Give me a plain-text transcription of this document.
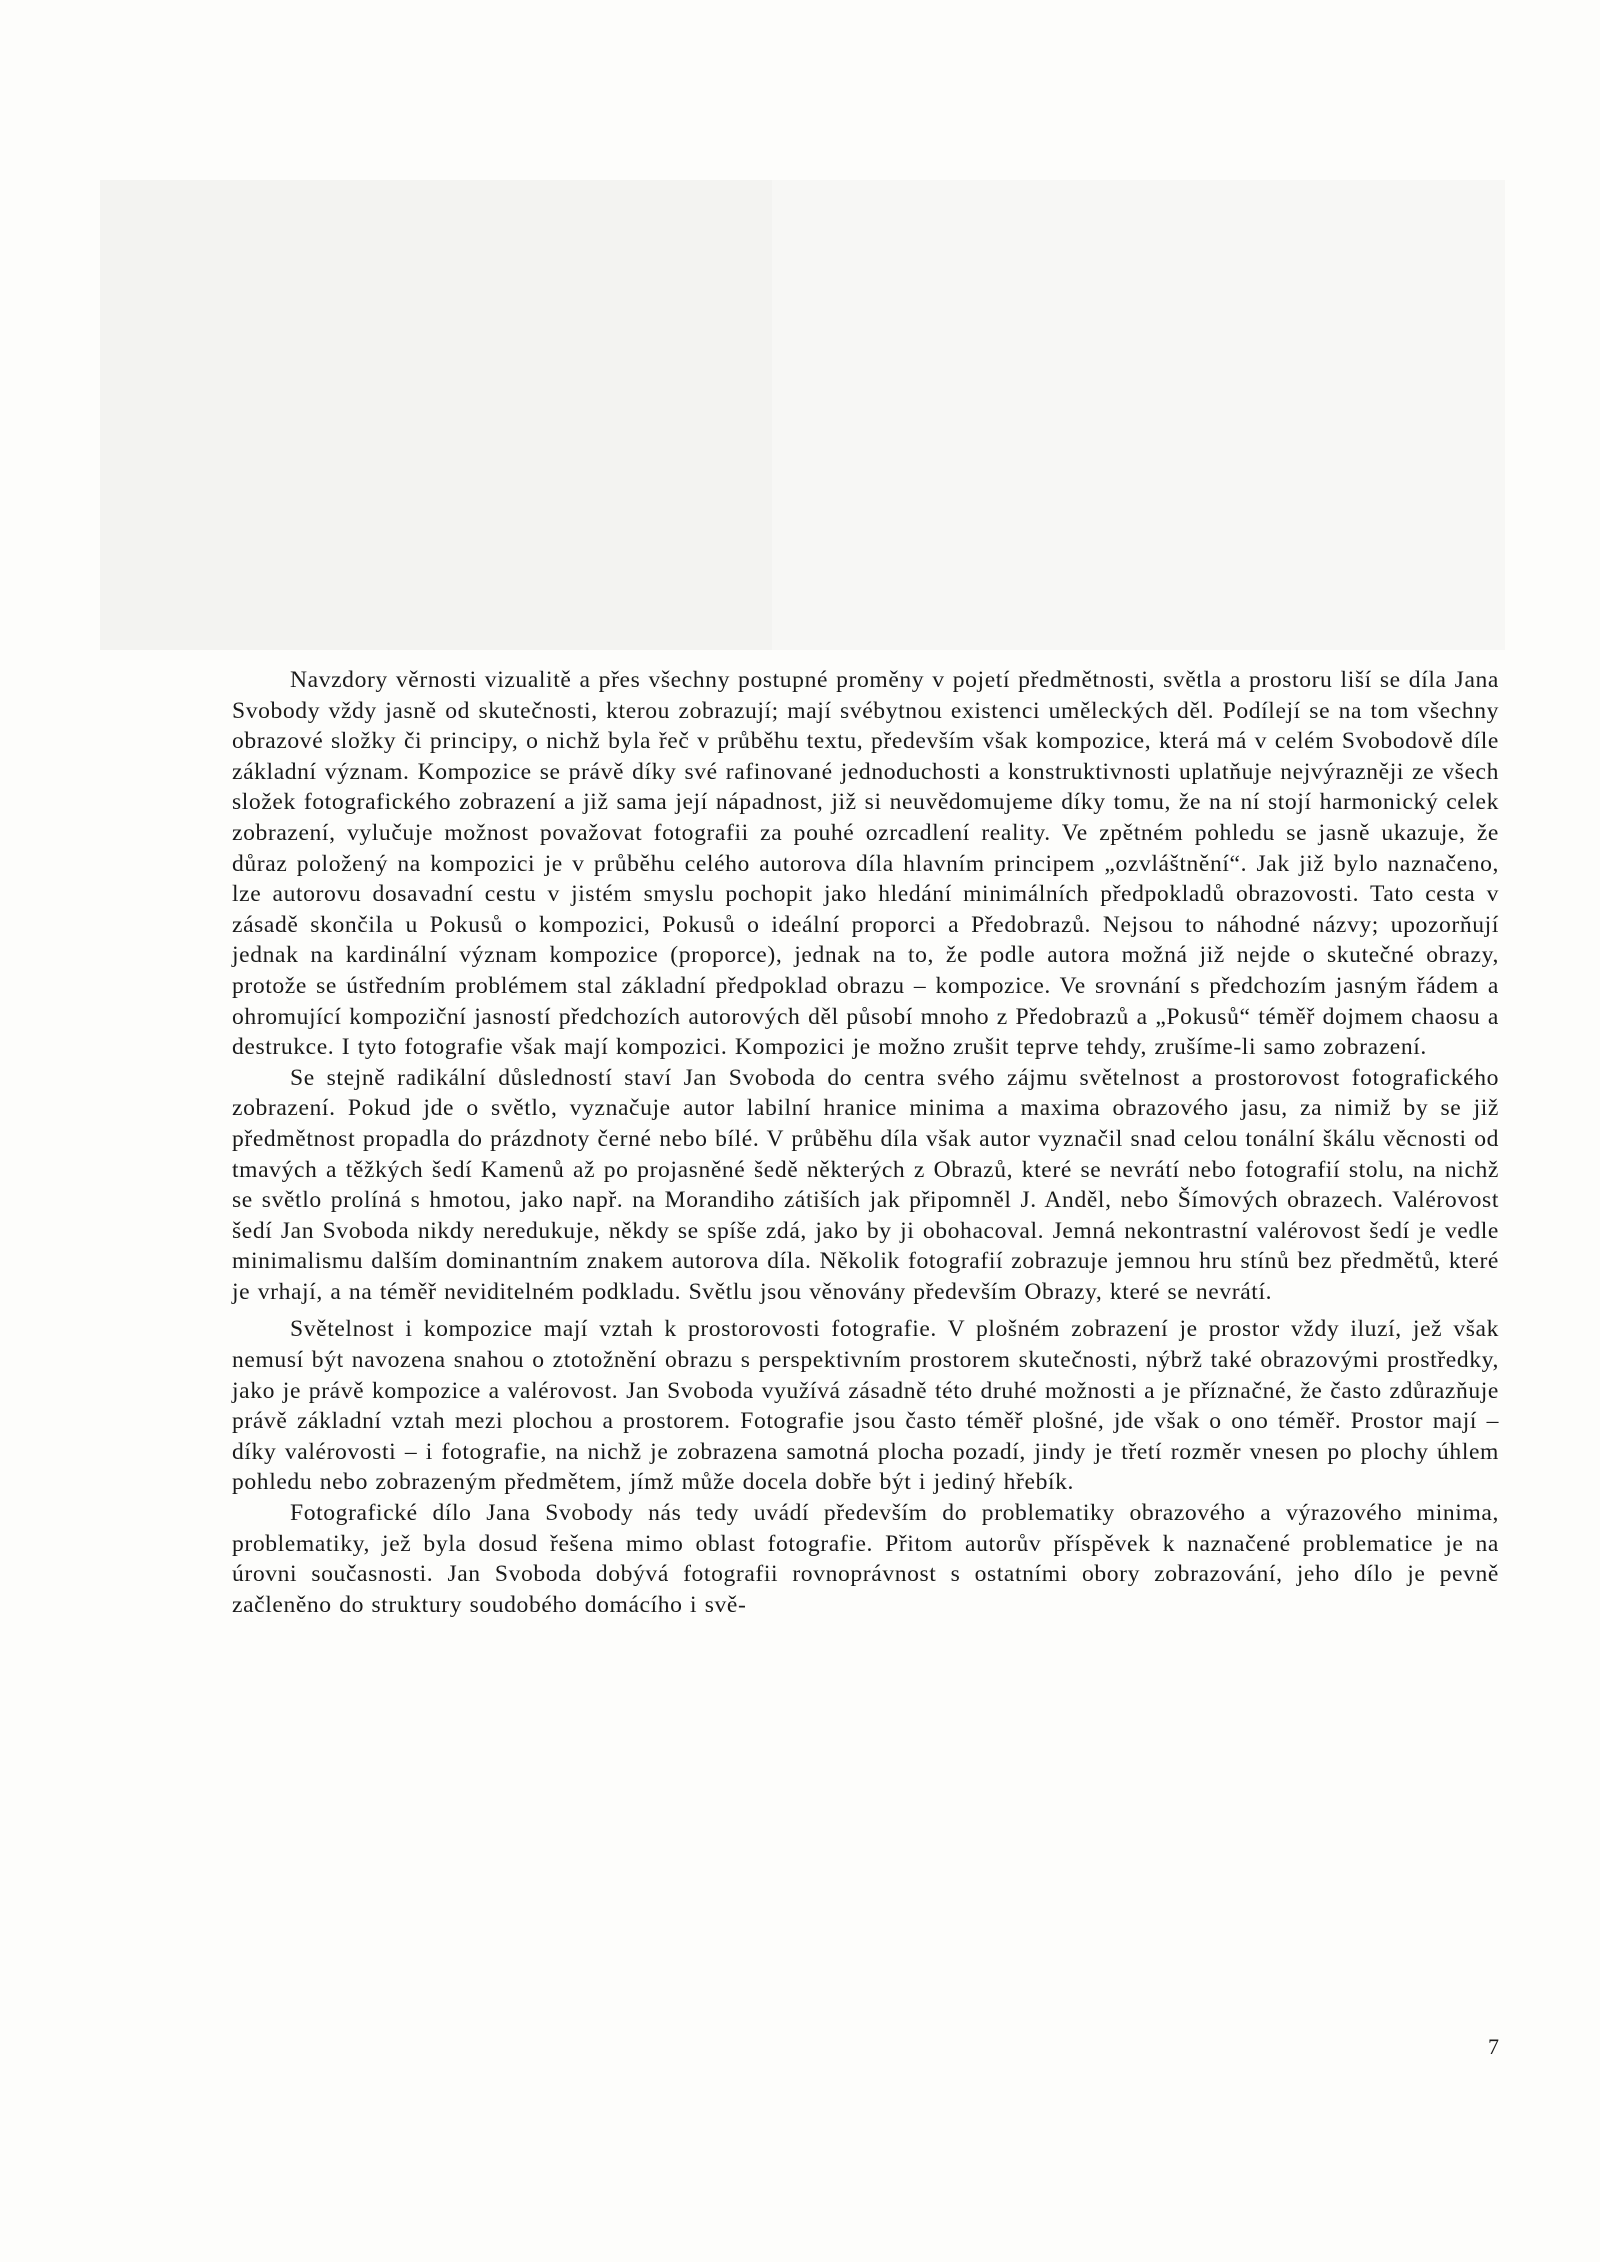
Navzdory věrnosti vizualitě a přes všechny postupné proměny v pojetí předmětnosti, světla a prostoru liší se díla Jana Svobody vždy jasně od skutečnosti, kterou zobrazují; mají svébytnou existenci uměleckých děl. Podílejí se na tom všechny obrazové složky či principy, o nichž byla řeč v průběhu textu, především však kompozice, která má v celém Svobodově díle základní význam. Kompozice se právě díky své rafinované jednoduchosti a konstruktivnosti uplatňuje nejvýrazněji ze všech složek fotografického zobrazení a již sama její nápadnost, již si neuvědomujeme díky tomu, že na ní stojí harmonický celek zobrazení, vylučuje možnost považovat fotografii za pouhé ozrcadlení reality. Ve zpětném pohledu se jasně ukazuje, že důraz položený na kompozici je v průběhu celého autorova díla hlavním principem „ozvláštnění“. Jak již bylo naznačeno, lze autorovu dosavadní cestu v jistém smyslu pochopit jako hledání minimálních předpokladů obrazovosti. Tato cesta v zásadě skončila u Pokusů o kompozici, Pokusů o ideální proporci a Předobrazů. Nejsou to náhodné názvy; upozorňují jednak na kardinální význam kompozice (proporce), jednak na to, že podle autora možná již nejde o skutečné obrazy, protože se ústředním problémem stal základní předpoklad obrazu – kompozice. Ve srovnání s předchozím jasným řádem a ohromující kompoziční jasností předchozích autorových děl působí mnoho z Předobrazů a „Pokusů“ téměř dojmem chaosu a destrukce. I tyto fotografie však mají kompozici. Kompozici je možno zrušit teprve tehdy, zrušíme-li samo zobrazení.

Se stejně radikální důsledností staví Jan Svoboda do centra svého zájmu světelnost a prostorovost fotografického zobrazení. Pokud jde o světlo, vyznačuje autor labilní hranice minima a maxima obrazového jasu, za nimiž by se již předmětnost propadla do prázdnoty černé nebo bílé. V průběhu díla však autor vyznačil snad celou tonální škálu věcnosti od tmavých a těžkých šedí Kamenů až po projasněné šedě některých z Obrazů, které se nevrátí nebo fotografií stolu, na nichž se světlo prolíná s hmotou, jako např. na Morandiho zátiších jak připomněl J. Anděl, nebo Šímových obrazech. Valérovost šedí Jan Svoboda nikdy neredukuje, někdy se spíše zdá, jako by ji obohacoval. Jemná nekontrastní valérovost šedí je vedle minimalismu dalším dominantním znakem autorova díla. Několik fotografií zobrazuje jemnou hru stínů bez předmětů, které je vrhají, a na téměř neviditelném podkladu. Světlu jsou věnovány především Obrazy, které se nevrátí.

Světelnost i kompozice mají vztah k prostorovosti fotografie. V plošném zobrazení je prostor vždy iluzí, jež však nemusí být navozena snahou o ztotožnění obrazu s perspektivním prostorem skutečnosti, nýbrž také obrazovými prostředky, jako je právě kompozice a valérovost. Jan Svoboda využívá zásadně této druhé možnosti a je příznačné, že často zdůrazňuje právě základní vztah mezi plochou a prostorem. Fotografie jsou často téměř plošné, jde však o ono téměř. Prostor mají – díky valérovosti – i fotografie, na nichž je zobrazena samotná plocha pozadí, jindy je třetí rozměr vnesen po plochy úhlem pohledu nebo zobrazeným předmětem, jímž může docela dobře být i jediný hřebík.

Fotografické dílo Jana Svobody nás tedy uvádí především do problematiky obrazového a výrazového minima, problematiky, jež byla dosud řešena mimo oblast fotografie. Přitom autorův příspěvek k naznačené problematice je na úrovni současnosti. Jan Svoboda dobývá fotografii rovnoprávnost s ostatními obory zobrazování, jeho dílo je pevně začleněno do struktury soudobého domácího i svě-

7
